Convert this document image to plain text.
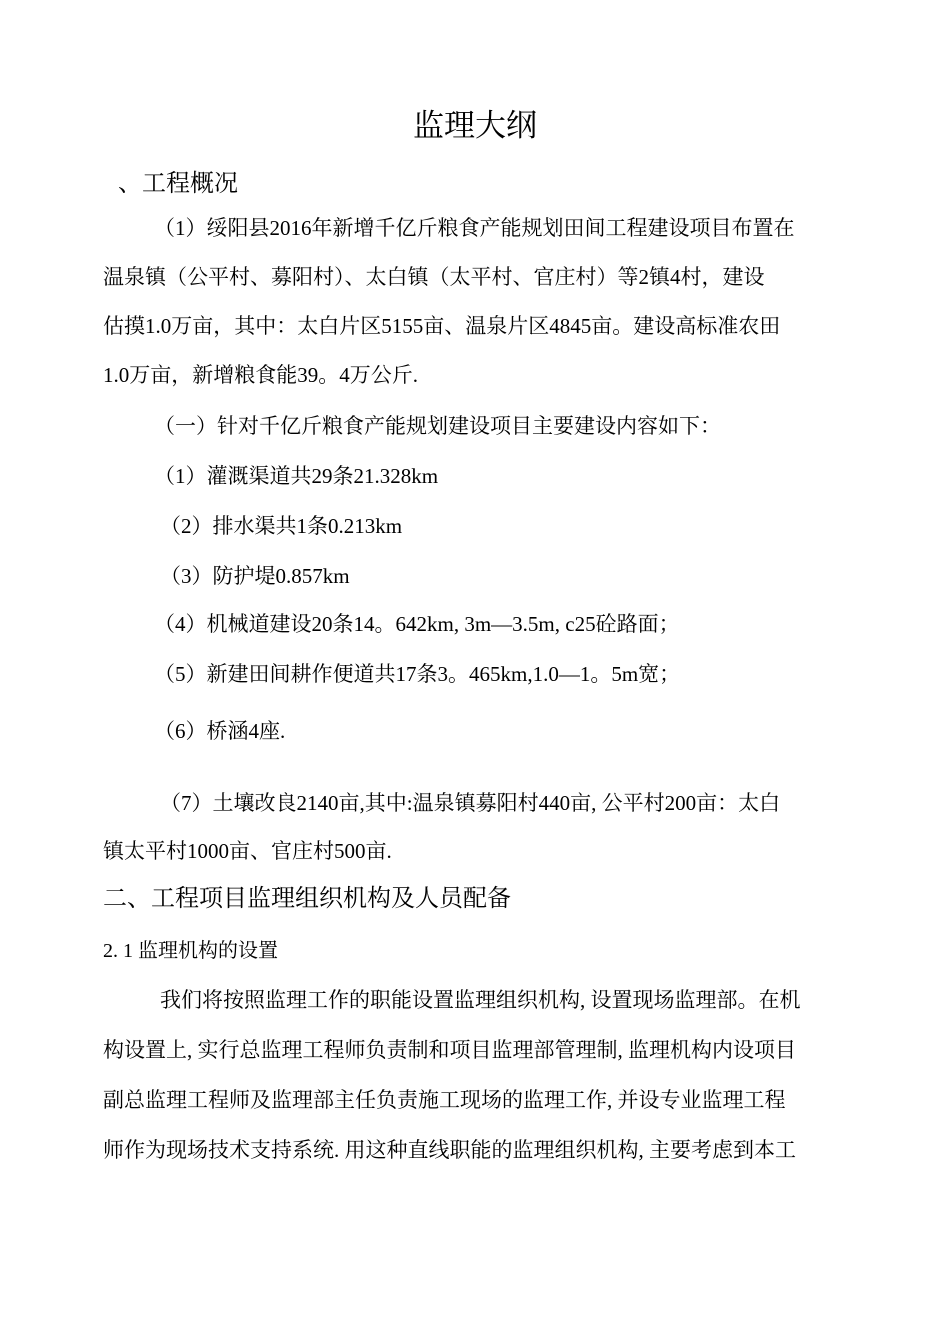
监理大纲
、工程概况
（1）绥阳县2016年新增千亿斤粮食产能规划田间工程建设项目布置在
温泉镇（公平村、募阳村）、太白镇（太平村、官庄村）等2镇4村，建设
估摸1.0万亩，其中：太白片区5155亩、温泉片区4845亩。建设高标准农田
1.0万亩，新增粮食能39。4万公斤.
（一）针对千亿斤粮食产能规划建设项目主要建设内容如下：
（1）灌溉渠道共29条21.328km
（2）排水渠共1条0.213km
（3）防护堤0.857km
（4）机械道建设20条14。642km, 3m—3.5m, c25砼路面；
（5）新建田间耕作便道共17条3。465km,1.0—1。5m宽；
（6）桥涵4座.
（7）土壤改良2140亩,其中:温泉镇募阳村440亩, 公平村200亩：太白
镇太平村1000亩、官庄村500亩.
二、工程项目监理组织机构及人员配备
2. 1 监理机构的设置
我们将按照监理工作的职能设置监理组织机构, 设置现场监理部。在机
构设置上, 实行总监理工程师负责制和项目监理部管理制, 监理机构内设项目
副总监理工程师及监理部主任负责施工现场的监理工作, 并设专业监理工程
师作为现场技术支持系统. 用这种直线职能的监理组织机构, 主要考虑到本工
